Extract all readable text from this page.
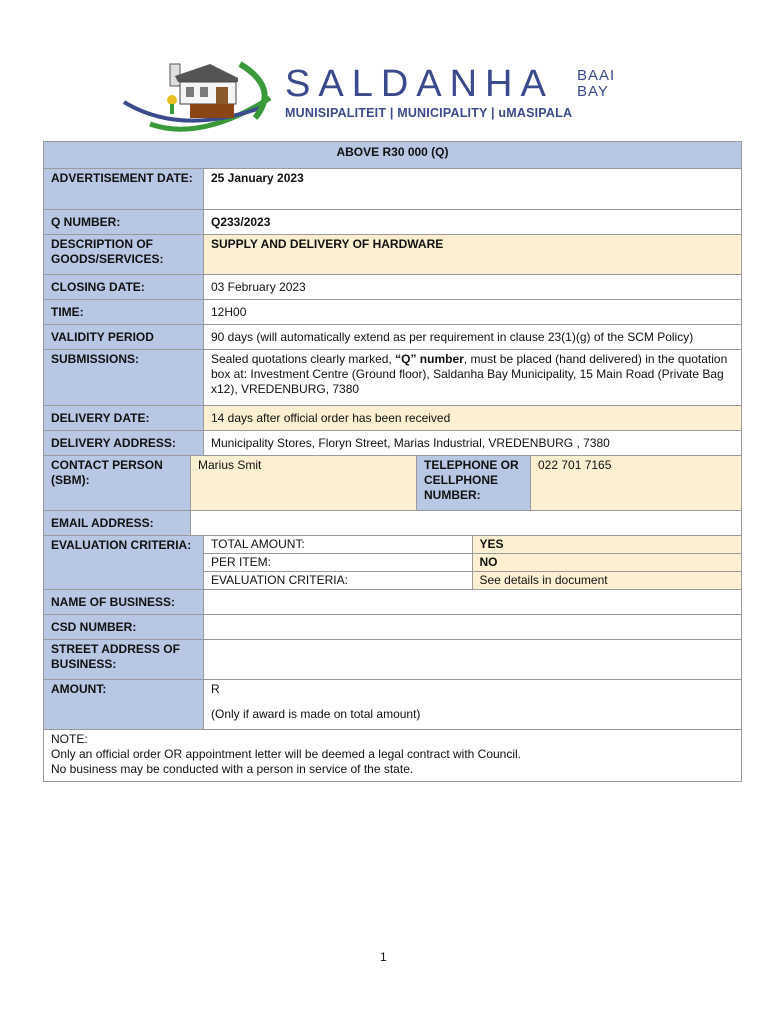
SALDANHA	BAAI
BAY
MUNISIPALITEIT | MUNICIPALITY | uMASIPALA
ABOVE R30 000 (Q)
ADVERTISEMENT DATE:	25 January 2023
Q NUMBER:	Q233/2023
DESCRIPTION OF GOODS/SERVICES:	SUPPLY AND DELIVERY OF HARDWARE
CLOSING DATE:	03 February 2023
TIME:	12H00
VALIDITY PERIOD	90 days (will automatically extend as per requirement in clause 23(1)(g) of the SCM Policy)
SUBMISSIONS:	Sealed quotations clearly marked, “Q” number, must be placed (hand delivered) in the quotation box at: Investment Centre (Ground floor), Saldanha Bay Municipality, 15 Main Road (Private Bag x12), VREDENBURG, 7380
DELIVERY DATE:	14 days after official order has been received
DELIVERY ADDRESS:	Municipality Stores, Floryn Street, Marias Industrial, VREDENBURG , 7380
CONTACT PERSON (SBM):	Marius Smit	TELEPHONE OR CELLPHONE NUMBER:	022 701 7165
EMAIL ADDRESS:	
EVALUATION CRITERIA:	TOTAL AMOUNT:	YES
PER ITEM:	NO
EVALUATION CRITERIA:	See details in document

NAME OF BUSINESS:	
CSD NUMBER:	
STREET ADDRESS OF BUSINESS:	
AMOUNT:	R
(Only if award is made on total amount)

NOTE:
Only an official order OR appointment letter will be deemed a legal contract with Council.
No business may be conducted with a person in service of the state.
1
